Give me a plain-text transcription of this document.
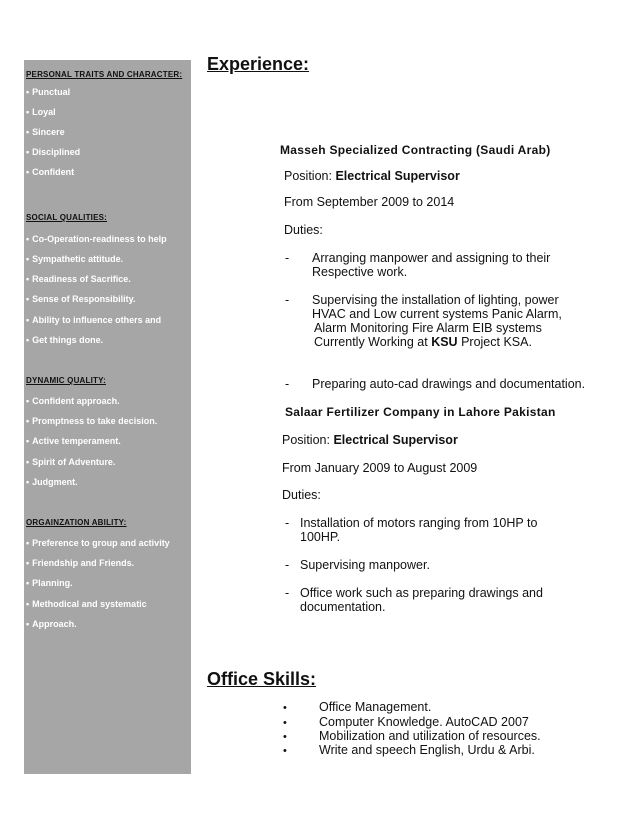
PERSONAL TRAITS AND CHARACTER:
• Punctual
• Loyal
• Sincere
• Disciplined
• Confident
SOCIAL QUALITIES:
• Co-Operation-readiness to help
• Sympathetic attitude.
• Readiness of Sacrifice.
• Sense of Responsibility.
• Ability to influence others and
• Get things done.
DYNAMIC QUALITY:
• Confident approach.
• Promptness to take decision.
• Active temperament.
• Spirit of Adventure.
• Judgment.
ORGAINZATION ABILITY:
• Preference to group and activity
• Friendship and Friends.
• Planning.
• Methodical and systematic
• Approach.
Experience:
Masseh Specialized Contracting (Saudi Arab)
Position: Electrical Supervisor
From September 2009 to 2014
Duties:
- Arranging manpower and assigning to their
Respective work.
- Supervising the installation of lighting, power
HVAC and Low current systems Panic Alarm,
Alarm Monitoring Fire Alarm EIB systems
Currently Working at KSU Project KSA.
- Preparing auto-cad drawings and documentation.
Salaar Fertilizer Company in Lahore Pakistan
Position: Electrical Supervisor
From January 2009 to August 2009
Duties:
- Installation of motors ranging from 10HP to
100HP.
- Supervising manpower.
- Office work such as preparing drawings and
documentation.
Office Skills:
•	Office Management.
•	Computer Knowledge. AutoCAD 2007
•	Mobilization and utilization of resources.
•	Write and speech English, Urdu & Arbi.
